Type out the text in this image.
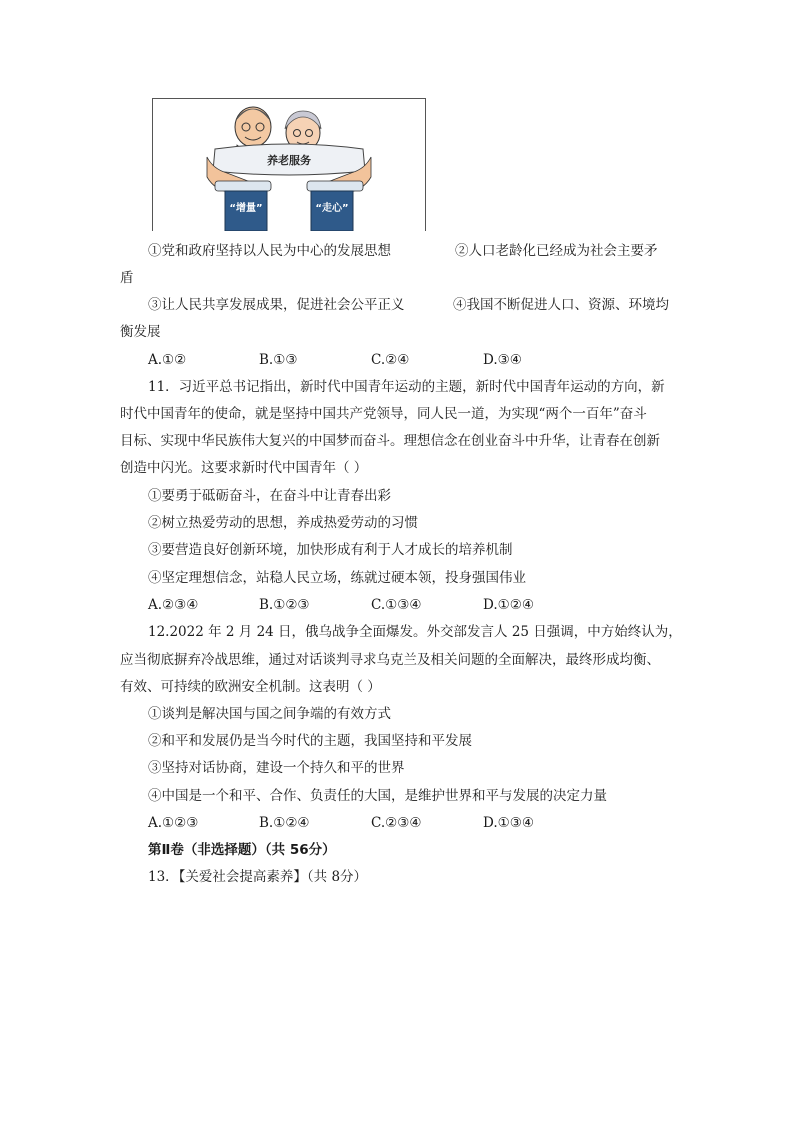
养老服务
“增量”	“走心”
①党和政府坚持以人民为中心的发展思想	②人口老龄化已经成为社会主要矛
盾
③让人民共享发展成果，促进社会公平正义	④我国不断促进人口、资源、环境均
衡发展
A.①②	B.①③	C.②④	D.③④
11．习近平总书记指出，新时代中国青年运动的主题，新时代中国青年运动的方向，新
时代中国青年的使命，就是坚持中国共产党领导，同人民一道，为实现“两个一百年”奋斗
目标、实现中华民族伟大复兴的中国梦而奋斗。理想信念在创业奋斗中升华，让青春在创新
创造中闪光。这要求新时代中国青年（ ）
①要勇于砥砺奋斗，在奋斗中让青春出彩
②树立热爱劳动的思想，养成热爱劳动的习惯
③要营造良好创新环境，加快形成有利于人才成长的培养机制
④坚定理想信念，站稳人民立场，练就过硬本领，投身强国伟业
A.②③④	B.①②③	C.①③④	D.①②④
12.2022 年 2 月 24 日，俄乌战争全面爆发。外交部发言人 25 日强调，中方始终认为，
应当彻底摒弃冷战思维，通过对话谈判寻求乌克兰及相关问题的全面解决，最终形成均衡、
有效、可持续的欧洲安全机制。这表明（ ）
①谈判是解决国与国之间争端的有效方式
②和平和发展仍是当今时代的主题，我国坚持和平发展
③坚持对话协商，建设一个持久和平的世界
④中国是一个和平、合作、负责任的大国，是维护世界和平与发展的决定力量
A.①②③	B.①②④	C.②③④	D.①③④
第Ⅱ卷（非选择题）（共 56分）
13．【关爱社会提高素养】（共 8分）
